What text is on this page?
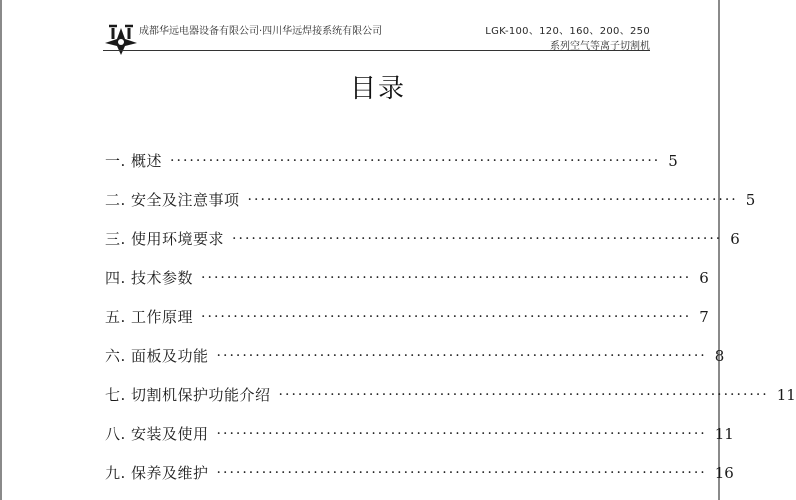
成都华远电器设备有限公司·四川华远焊接系统有限公司	LGK-100、120、160、200、250
系列空气等离子切割机
目录
一. 概述 ············································································ 5
二. 安全及注意事项 ············································································ 5
三. 使用环境要求 ············································································ 6
四. 技术参数 ············································································ 6
五. 工作原理 ············································································ 7
六. 面板及功能 ············································································ 8
七. 切割机保护功能介绍 ············································································ 11
八. 安装及使用 ············································································ 11
九. 保养及维护 ············································································ 16
